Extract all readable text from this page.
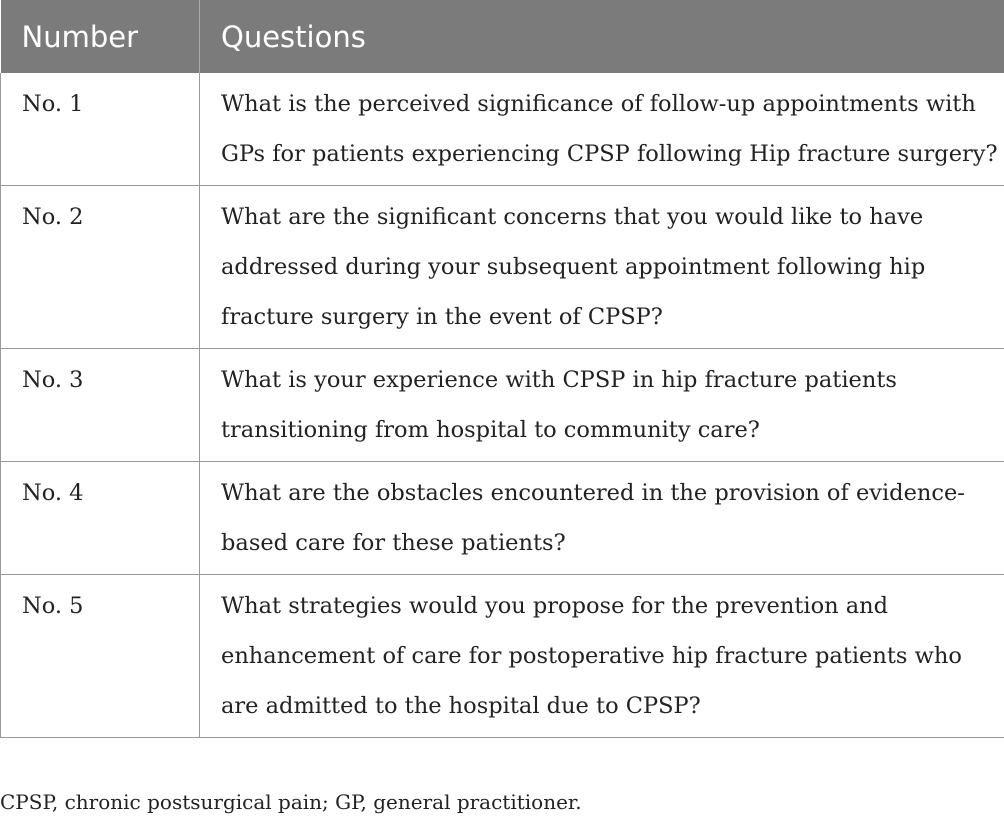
Number	Questions
No. 1	What is the perceived significance of follow-up appointments with GPs for patients experiencing CPSP following Hip fracture surgery?
No. 2	What are the significant concerns that you would like to have addressed during your subsequent appointment following hip fracture surgery in the event of CPSP?
No. 3	What is your experience with CPSP in hip fracture patients transitioning from hospital to community care?
No. 4	What are the obstacles encountered in the provision of evidence-based care for these patients?
No. 5	What strategies would you propose for the prevention and enhancement of care for postoperative hip fracture patients who are admitted to the hospital due to CPSP?
CPSP, chronic postsurgical pain; GP, general practitioner.
